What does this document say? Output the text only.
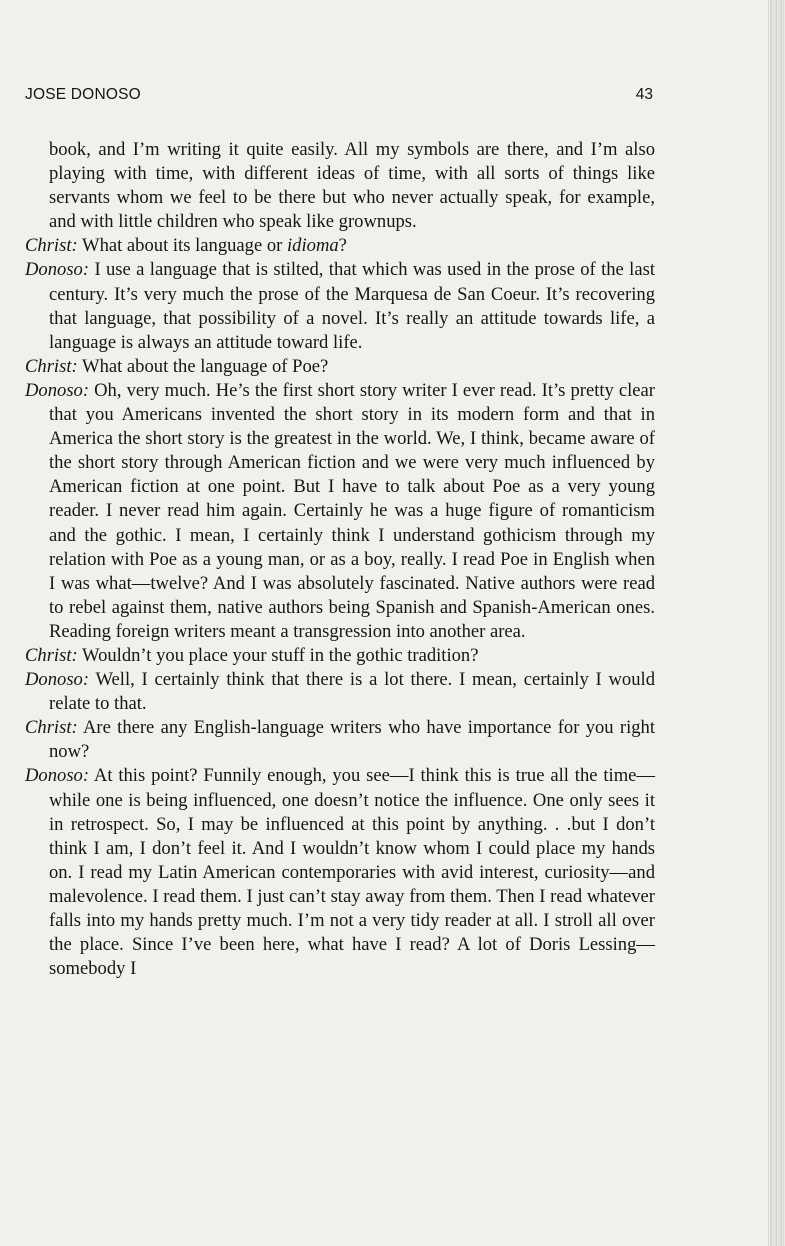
JOSE DONOSO	43

book, and I’m writing it quite easily. All my symbols are there, and I’m also playing with time, with different ideas of time, with all sorts of things like servants whom we feel to be there but who never actually speak, for example, and with little children who speak like grownups.

Christ: What about its language or idioma?

Donoso: I use a language that is stilted, that which was used in the prose of the last century. It’s very much the prose of the Marquesa de San Coeur. It’s recovering that language, that possibility of a novel. It’s really an attitude towards life, a language is always an attitude toward life.

Christ: What about the language of Poe?

Donoso: Oh, very much. He’s the first short story writer I ever read. It’s pretty clear that you Americans invented the short story in its modern form and that in America the short story is the greatest in the world. We, I think, became aware of the short story through American fiction and we were very much influenced by American fiction at one point. But I have to talk about Poe as a very young reader. I never read him again. Certainly he was a huge figure of romanticism and the gothic. I mean, I certainly think I understand gothicism through my relation with Poe as a young man, or as a boy, really. I read Poe in English when I was what—twelve? And I was absolutely fascinated. Native authors were read to rebel against them, native authors being Spanish and Spanish-American ones. Reading foreign writers meant a transgression into another area.

Christ: Wouldn’t you place your stuff in the gothic tradition?

Donoso: Well, I certainly think that there is a lot there. I mean, certainly I would relate to that.

Christ: Are there any English-language writers who have importance for you right now?

Donoso: At this point? Funnily enough, you see—I think this is true all the time—while one is being influenced, one doesn’t notice the influence. One only sees it in retrospect. So, I may be influenced at this point by anything. . .but I don’t think I am, I don’t feel it. And I wouldn’t know whom I could place my hands on. I read my Latin American contemporaries with avid interest, curiosity—and malevolence. I read them. I just can’t stay away from them. Then I read whatever falls into my hands pretty much. I’m not a very tidy reader at all. I stroll all over the place. Since I’ve been here, what have I read? A lot of Doris Lessing—somebody I
